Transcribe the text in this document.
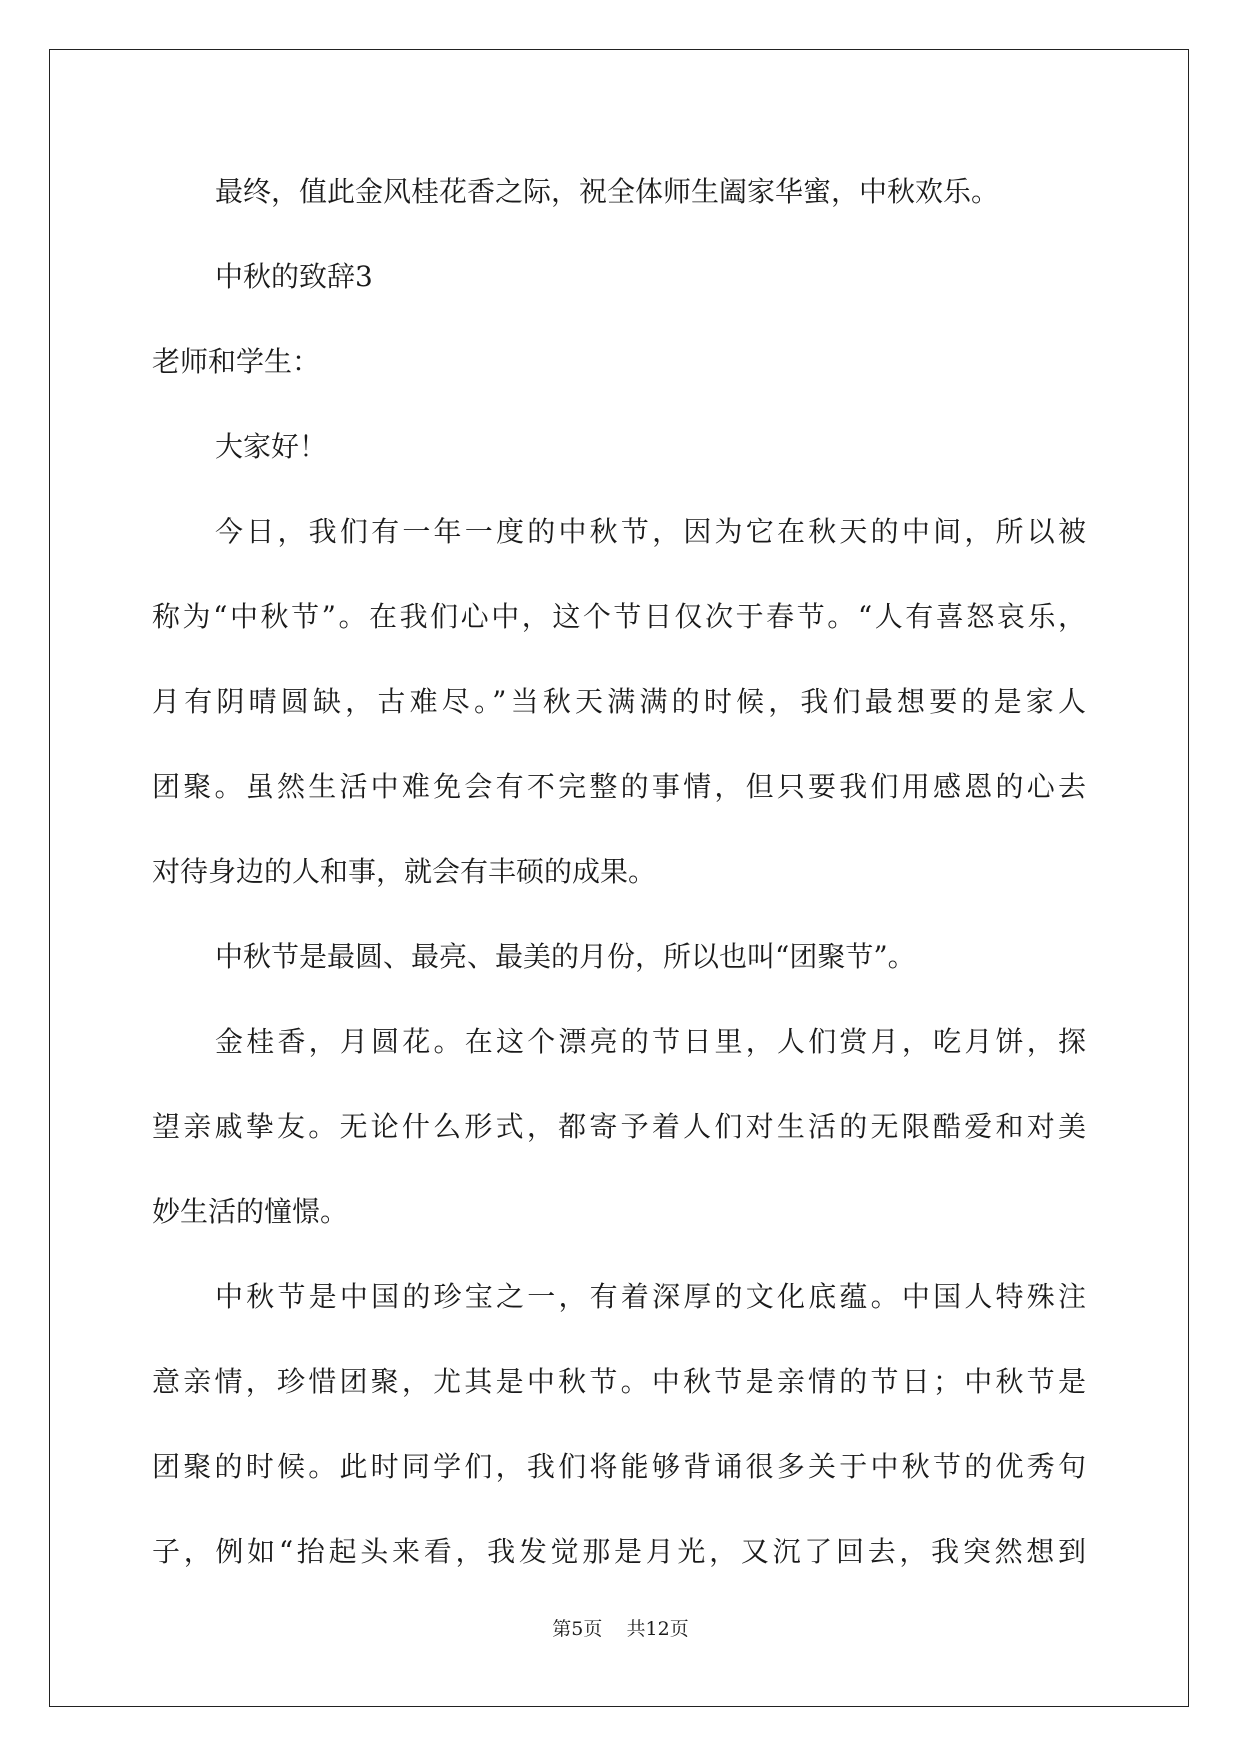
最终，值此金风桂花香之际，祝全体师生阖家华蜜，中秋欢乐。
中秋的致辞3
老师和学生：
大家好！
今日，我们有一年一度的中秋节，因为它在秋天的中间，所以被
称为“中秋节”。在我们心中，这个节日仅次于春节。“人有喜怒哀乐，
月有阴晴圆缺，古难尽。”当秋天满满的时候，我们最想要的是家人
团聚。虽然生活中难免会有不完整的事情，但只要我们用感恩的心去
对待身边的人和事，就会有丰硕的成果。
中秋节是最圆、最亮、最美的月份，所以也叫“团聚节”。
金桂香，月圆花。在这个漂亮的节日里，人们赏月，吃月饼，探
望亲戚挚友。无论什么形式，都寄予着人们对生活的无限酷爱和对美
妙生活的憧憬。
中秋节是中国的珍宝之一，有着深厚的文化底蕴。中国人特殊注
意亲情，珍惜团聚，尤其是中秋节。中秋节是亲情的节日；中秋节是
团聚的时候。此时同学们，我们将能够背诵很多关于中秋节的优秀句
子，例如“抬起头来看，我发觉那是月光，又沉了回去，我突然想到
第5页    共12页
